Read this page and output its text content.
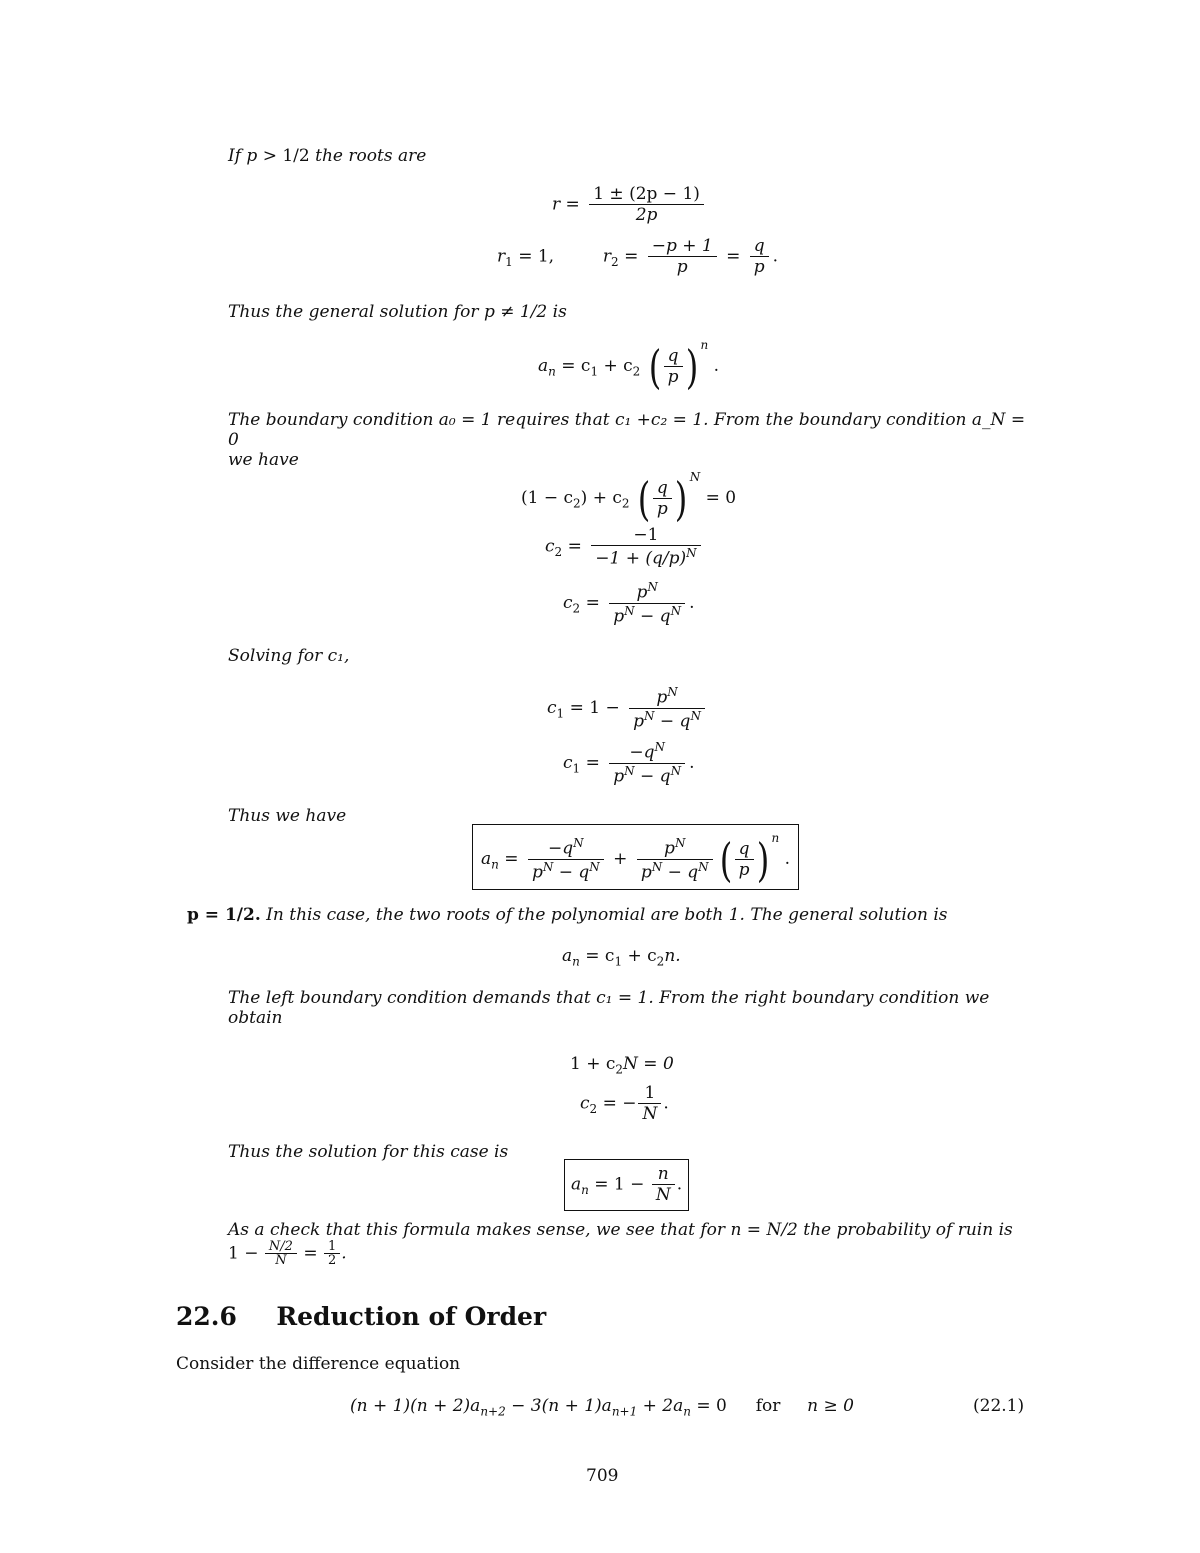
If p > 1/2 the roots are
$r = \frac{1 \pm (2p - 1)}{2p}$
$r_1 = 1$,	$r_2 = \frac{-p + 1}{p} = \frac{q}{p}$ .
Thus the general solution for p ≠ 1/2 is
$a_n = c_1 + c_2$ ( $\frac{q}{p}$ ) $^n$ .
The boundary condition a₀ = 1 requires that c₁ +c₂ = 1. From the boundary condition a_N = 0
we have
$(1 - c_2) + c_2$ ( $\frac{q}{p}$ ) $^N$ = 0
$c_2 = \frac{-1}{-1 + (q/p)^N}$
$c_2 = \frac{p^N}{p^N - q^N}$ .
Solving for c₁,
$c_1 = 1 - \frac{p^N}{p^N - q^N}$
$c_1 = \frac{-q^N}{p^N - q^N}$ .
Thus we have
$a_n = \frac{-q^N}{p^N - q^N} + \frac{p^N}{p^N - q^N}$ ( $\frac{q}{p}$ ) $^n$ .
p = 1/2. In this case, the two roots of the polynomial are both 1. The general solution is
$a_n = c_1 + c_2n$.
The left boundary condition demands that c₁ = 1. From the right boundary condition we
obtain
$1 + c_2N = 0$
$c_2$ = − $\frac{1}{N}$ .
Thus the solution for this case is
$a_n = 1 - \frac{n}{N}$ .
As a check that this formula makes sense, we see that for n = N/2 the probability of ruin is
$1 - \frac{N/2}{N} = \frac{1}{2}$ .
22.6 Reduction of Order
Consider the difference equation
$(n + 1)(n + 2)a_{n+2} - 3(n + 1)a_{n+1} + 2a_n = 0$ for n ≥ 0	(22.1)
709
